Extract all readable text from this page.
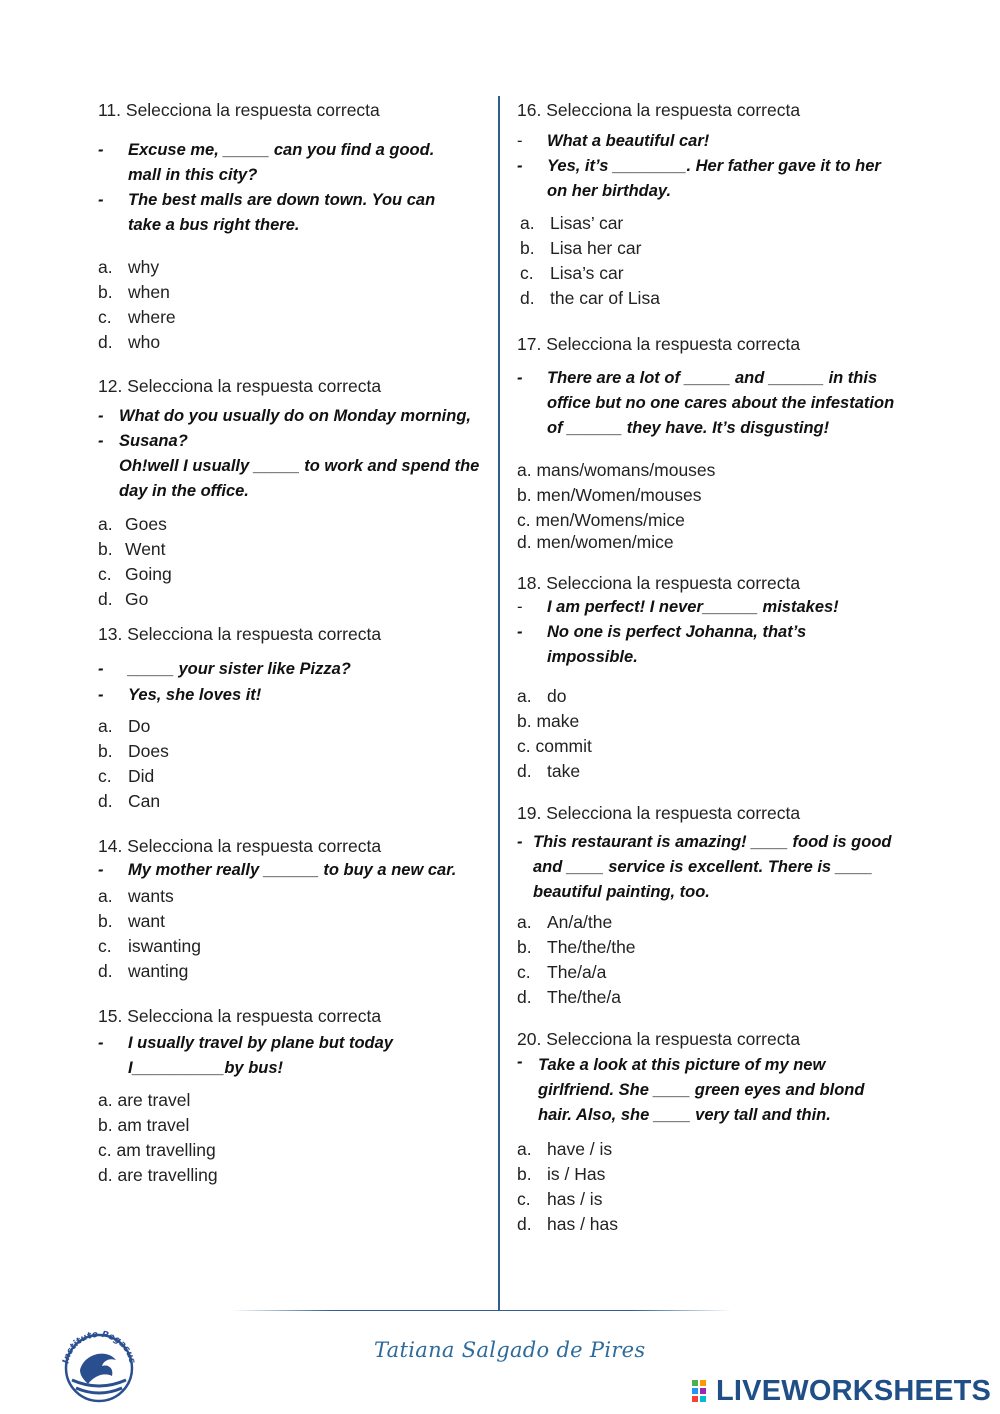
11. Selecciona la respuesta correcta
- Excuse me, _____ can you find a good.
mall in this city?
- The best malls are down town. You can
take a bus right there.
a. why
b. when
c. where
d. who
12. Selecciona la respuesta correcta
- What do you usually do on Monday morning,
- Susana?
Oh!well I usually _____ to work and spend the
day in the office.
a. Goes
b. Went
c. Going
d. Go
13. Selecciona la respuesta correcta
- _____ your sister like Pizza?
- Yes, she loves it!
a. Do
b. Does
c. Did
d. Can
14. Selecciona la respuesta correcta
- My mother really ______ to buy a new car.
a. wants
b. want
c. iswanting
d. wanting
15. Selecciona la respuesta correcta
- I usually travel by plane but today
I__________by bus!
a. are travel
b. am travel
c. am travelling
d. are travelling
16. Selecciona la respuesta correcta
- What a beautiful car!
- Yes, it’s ________. Her father gave it to her
on her birthday.
a. Lisas’ car
b. Lisa her car
c. Lisa’s car
d. the car of Lisa
17. Selecciona la respuesta correcta
- There are a lot of _____ and ______ in this
office but no one cares about the infestation
of ______ they have. It’s disgusting!
a. mans/womans/mouses
b. men/Women/mouses
c. men/Womens/mice
d. men/women/mice
18. Selecciona la respuesta correcta
- I am perfect! I never______ mistakes!
- No one is perfect Johanna, that’s
impossible.
a. do
b. make
c. commit
d. take
19. Selecciona la respuesta correcta
- This restaurant is amazing! ____ food is good
and ____ service is excellent. There is ____
beautiful painting, too.
a. An/a/the
b. The/the/the
c. The/a/a
d. The/the/a
20. Selecciona la respuesta correcta
- Take a look at this picture of my new
girlfriend. She ____ green eyes and blond
hair. Also, she ____ very tall and thin.
a. have / is
b. is / Has
c. has / is
d. has / has
Instituto Pegasus	Tatiana Salgado de Pires
LIVEWORKSHEETS
